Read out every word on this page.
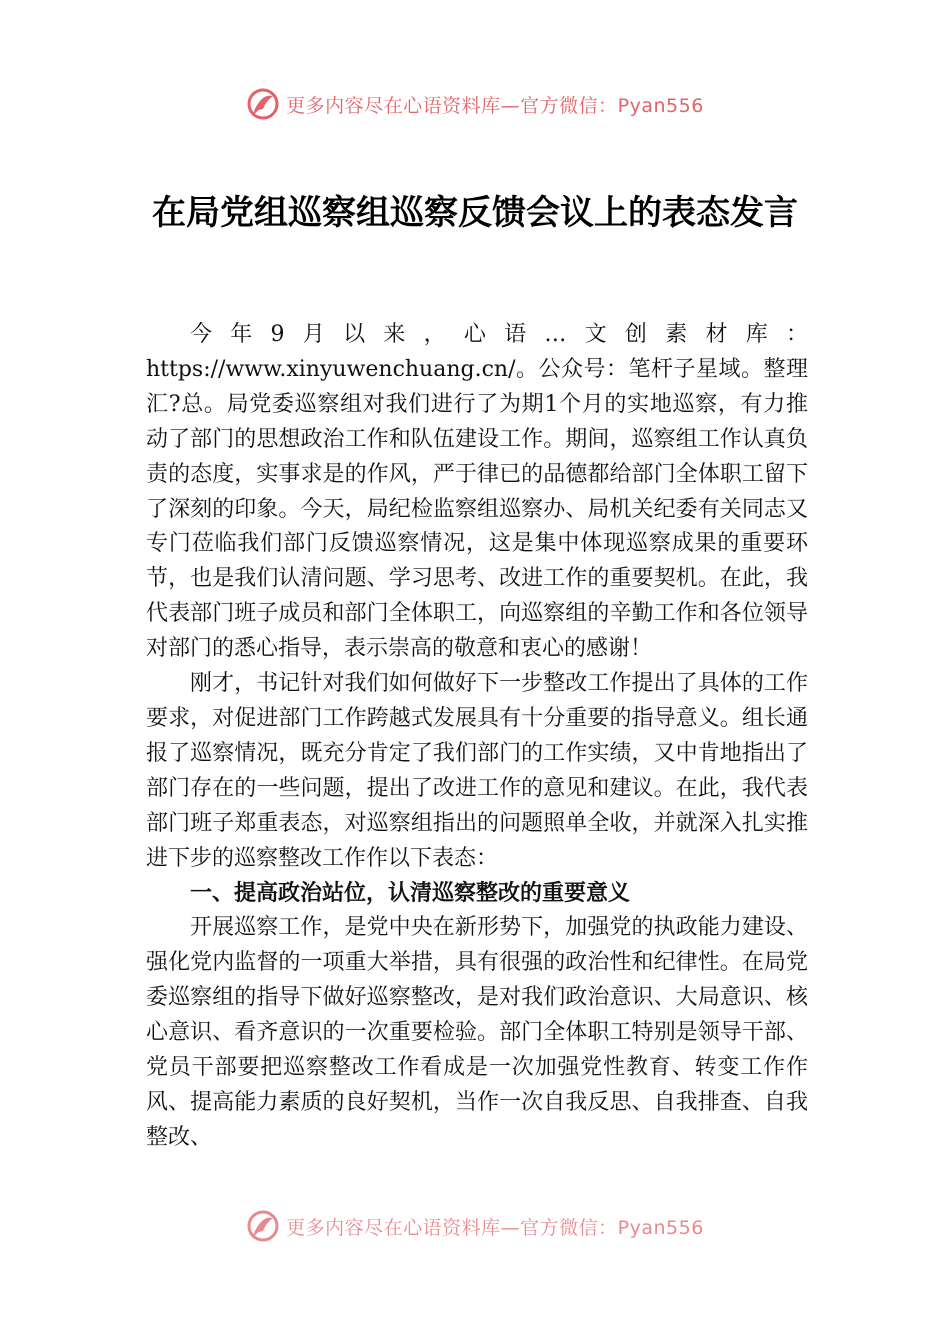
更多内容尽在心语资料库—官方微信：Pyan556
在局党组巡察组巡察反馈会议上的表态发言

今年9月以来，心语…文创素材库：https://www.xinyuwenchuang.cn/。公众号：笔杆子星域。整理汇?总。局党委巡察组对我们进行了为期1个月的实地巡察，有力推动了部门的思想政治工作和队伍建设工作。期间，巡察组工作认真负责的态度，实事求是的作风，严于律已的品德都给部门全体职工留下了深刻的印象。今天，局纪检监察组巡察办、局机关纪委有关同志又专门莅临我们部门反馈巡察情况，这是集中体现巡察成果的重要环节，也是我们认清问题、学习思考、改进工作的重要契机。在此，我代表部门班子成员和部门全体职工，向巡察组的辛勤工作和各位领导对部门的悉心指导，表示崇高的敬意和衷心的感谢！

刚才，书记针对我们如何做好下一步整改工作提出了具体的工作要求，对促进部门工作跨越式发展具有十分重要的指导意义。组长通报了巡察情况，既充分肯定了我们部门的工作实绩，又中肯地指出了部门存在的一些问题，提出了改进工作的意见和建议。在此，我代表部门班子郑重表态，对巡察组指出的问题照单全收，并就深入扎实推进下步的巡察整改工作作以下表态：

一、提高政治站位，认清巡察整改的重要意义

开展巡察工作，是党中央在新形势下，加强党的执政能力建设、强化党内监督的一项重大举措，具有很强的政治性和纪律性。在局党委巡察组的指导下做好巡察整改，是对我们政治意识、大局意识、核心意识、看齐意识的一次重要检验。部门全体职工特别是领导干部、党员干部要把巡察整改工作看成是一次加强党性教育、转变工作作风、提高能力素质的良好契机，当作一次自我反思、自我排查、自我整改、

更多内容尽在心语资料库—官方微信：Pyan556
